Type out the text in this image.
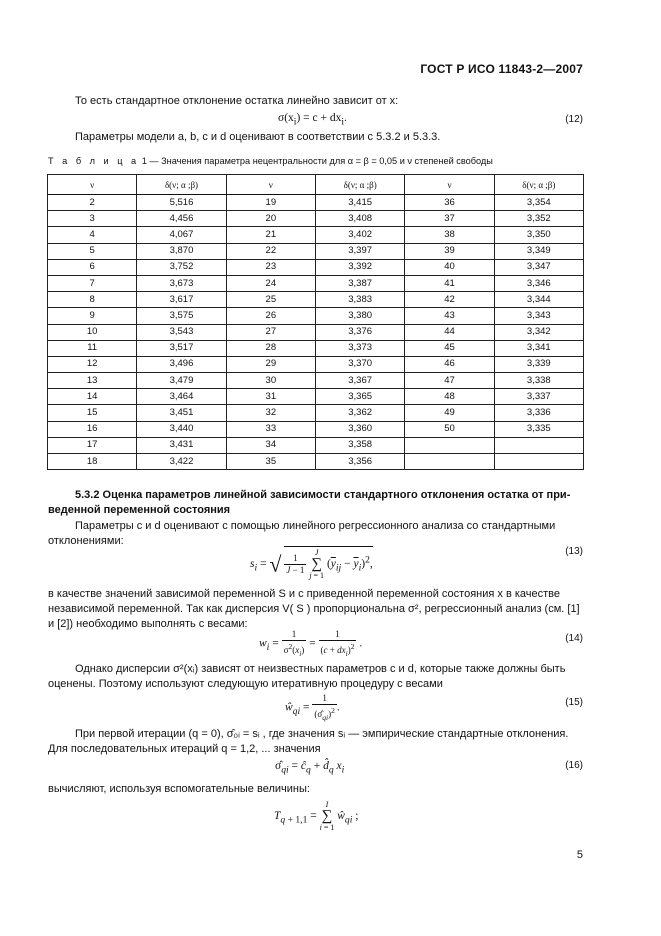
ГОСТ Р ИСО 11843-2—2007
То есть стандартное отклонение остатка линейно зависит от x:
$\sigma(x_i) = c + dx_i$.	(12)
Параметры модели a, b, c и d оценивают в соответствии с 5.3.2 и 5.3.3.
Т а б л и ц а 1 — Значения параметра нецентральности для α = β = 0,05 и ν степеней свободы
ν	δ(ν; α ;β)	ν	δ(ν; α ;β)	ν	δ(ν; α ;β)
2	5,516	19	3,415	36	3,354
3	4,456	20	3,408	37	3,352
4	4,067	21	3,402	38	3,350
5	3,870	22	3,397	39	3,349
6	3,752	23	3,392	40	3,347
7	3,673	24	3,387	41	3,346
8	3,617	25	3,383	42	3,344
9	3,575	26	3,380	43	3,343
10	3,543	27	3,376	44	3,342
11	3,517	28	3,373	45	3,341
12	3,496	29	3,370	46	3,339
13	3,479	30	3,367	47	3,338
14	3,464	31	3,365	48	3,337
15	3,451	32	3,362	49	3,336
16	3,440	33	3,360	50	3,335
17	3,431	34	3,358		
18	3,422	35	3,356		
5.3.2 Оценка параметров линейной зависимости стандартного отклонения остатка от приведенной переменной состояния
Параметры c и d оценивают с помощью линейного регрессионного анализа со стандартными отклонениями:
$s_i$ = √ $\frac{1}{J - 1}$
J
∑
j = 1 $(\overline{y}_{ij} - \overline{y}_i)^2$,
(13)
в качестве значений зависимой переменной S и с приведенной переменной состояния x в качестве независимой переменной. Так как дисперсия V( S ) пропорциональна σ², регрессионный анализ (см. [1] и [2]) необходимо выполнять с весами:
$w_i = \frac{1}{\sigma^2(x_i)} = \frac{1}{(c + dx_i)^2}$ .	(14)
Однако дисперсии σ²(xᵢ) зависят от неизвестных параметров c и d, которые также должны быть оценены. Поэтому используют следующую итеративную процедуру с весами
$ŵ_{qi} = \frac{1}{(\sigmâ_{qi})^2}$ .	(15)
При первой итерации (q = 0), σ̂₀ᵢ = sᵢ , где значения sᵢ — эмпирические стандартные отклонения. Для последовательных итераций q = 1,2, ... значения
$\sigmâ_{qi}$ = $ĉ_q$ + $d̂_q$ $x_i$	(16)
вычисляют, используя вспомогательные величины:
$T_{q + 1,1} = I$
∑
i = 1 $ŵ_{qi}$ ;
5
